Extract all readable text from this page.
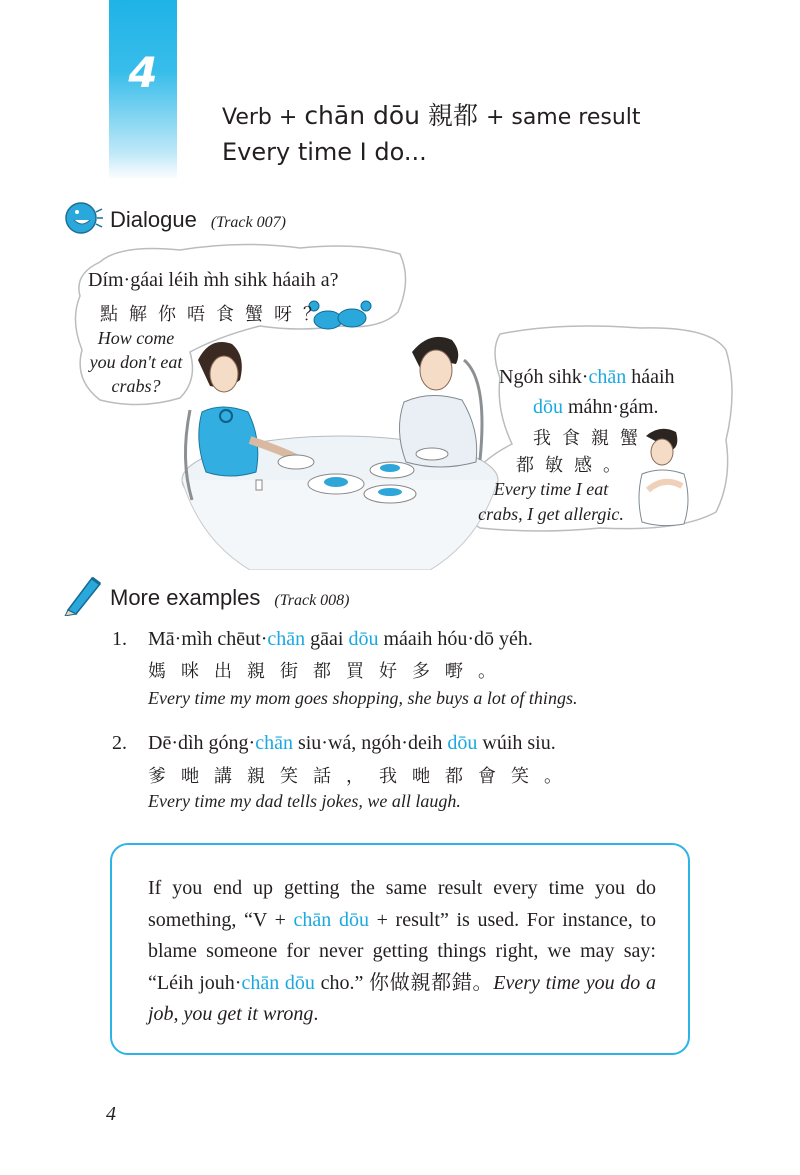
4
Verb + chān dōu 親都 + same result
Every time I do...
Dialogue (Track 007)
Dím·gáai léih m̀h sihk háaih a?
點解你唔食蟹呀？
How come
you don't eat
crabs?	Ngóh sihk·chān háaih
dōu máhn·gám.
我食親蟹
都敏感。
Every time I eat
crabs, I get allergic.
More examples (Track 008)
1. Mā·mìh chēut·chān gāai dōu máaih hóu·dō yéh.
媽咪出親街都買好多嘢。
Every time my mom goes shopping, she buys a lot of things.
2. Dē·dìh góng·chān siu·wá, ngóh·deih dōu wúih siu.
爹哋講親笑話，我哋都會笑。
Every time my dad tells jokes, we all laugh.
If you end up getting the same result every time you do something, “V + chān dōu + result” is used. For instance, to blame someone for never getting things right, we may say: “Léih jouh·chān dōu cho.” 你做親都錯。Every time you do a job, you get it wrong.
4
